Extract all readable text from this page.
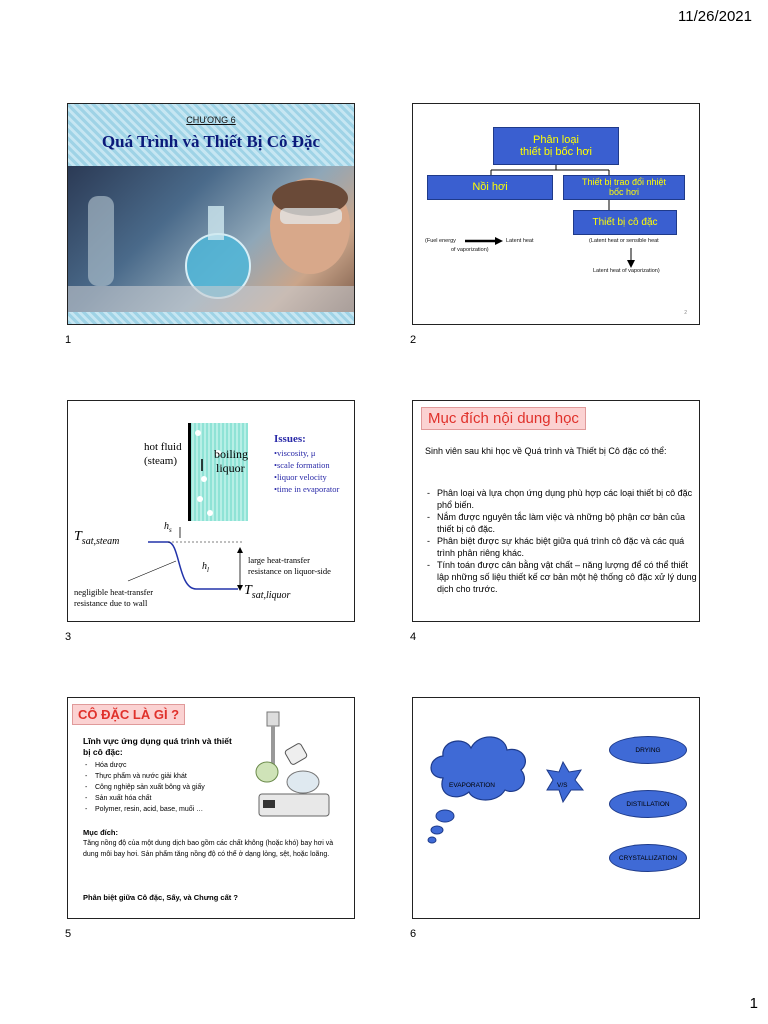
11/26/2021
CHƯƠNG 6
Quá Trình và Thiết Bị Cô Đặc
1
Phân loại
thiết bị bốc hơi
Nồi hơi	Thiết bị trao đổi nhiệt
bốc hơi
Thiết bị cô đặc
(Fuel energy	Latent heat
of vaporization)
(Latent heat or sensible heat
Latent heat of vaporization)
2
2
hot fluid
(steam)	boiling
liquor
Issues:
•viscosity, μ
•scale formation
•liquor velocity
•time in evaporator
$T_{sat,steam}$
$h_s$
$h_l$
large heat-transfer
resistance on liquor-side
$T_{sat,liquor}$
negligible heat-transfer
resistance due to wall
3
Mục đích nội dung học
Sinh viên sau khi học về Quá trình và Thiết bị Cô đặc có thể:
- Phân loại và lựa chọn ứng dụng phù hợp các loại thiết bị cô đặc phổ biến.
- Nắm được nguyên tắc làm việc và những bộ phận cơ bản của thiết bị cô đặc.
- Phân biệt được sự khác biệt giữa quá trình cô đặc và các quá trình phân riêng khác.
- Tính toán được cân bằng vật chất – năng lượng để có thể thiết lập những số liệu thiết kế cơ bản một hệ thống cô đặc xử lý dung dịch cho trước.
4
CÔ ĐẶC LÀ GÌ ?
Lĩnh vực ứng dụng quá trình và thiết bị cô đặc:
- Hóa dược
- Thực phẩm và nước giải khát
- Công nghiệp sản xuất bông và giấy
- Sản xuất hóa chất
- Polymer, resin, acid, base, muối …
Mục đích:
Tăng nồng độ của một dung dịch bao gồm các chất không (hoặc khó) bay hơi và dung môi bay hơi. Sản phẩm tăng nồng độ có thể ở dạng lỏng, sệt, hoặc loãng.
Phân biệt giữa Cô đặc, Sấy, và Chưng cất ?
5
EVAPORATION	V/S
DRYING
DISTILLATION
CRYSTALLIZATION
6
1
